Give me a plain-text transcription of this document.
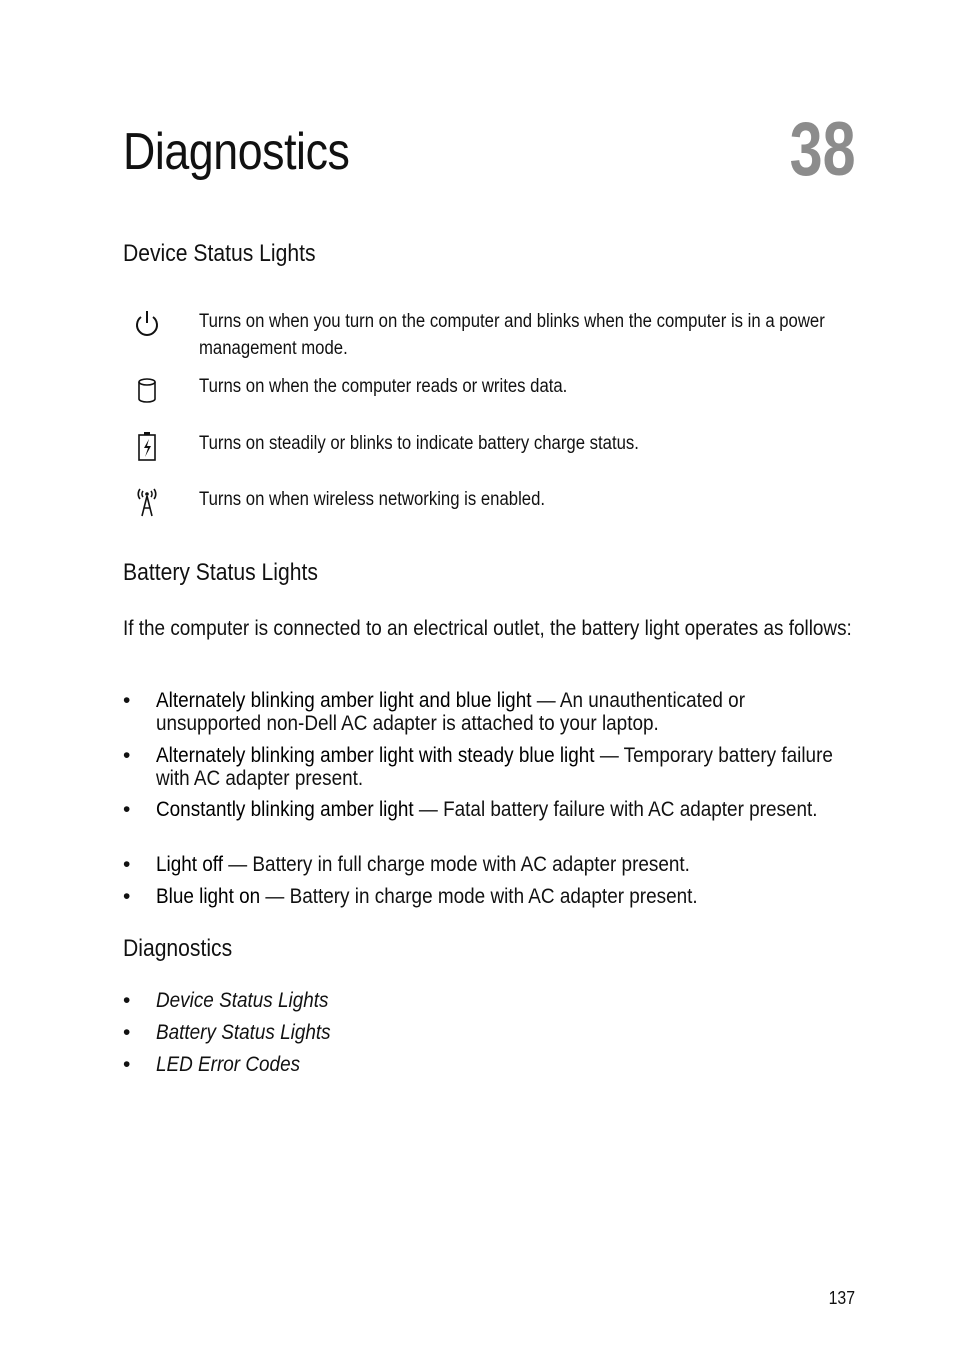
Diagnostics	38
Device Status Lights
Turns on when you turn on the computer and blinks when the computer is in a power management mode.
Turns on when the computer reads or writes data.
Turns on steadily or blinks to indicate battery charge status.
Turns on when wireless networking is enabled.
Battery Status Lights

If the computer is connected to an electrical outlet, the battery light operates as follows:

• Alternately blinking amber light and blue light — An unauthenticated or unsupported non-Dell AC adapter is attached to your laptop.
• Alternately blinking amber light with steady blue light — Temporary battery failure with AC adapter present.
• Constantly blinking amber light — Fatal battery failure with AC adapter present.
• Light off — Battery in full charge mode with AC adapter present.
• Blue light on — Battery in charge mode with AC adapter present.
Diagnostics
• Device Status Lights
• Battery Status Lights
• LED Error Codes
137
